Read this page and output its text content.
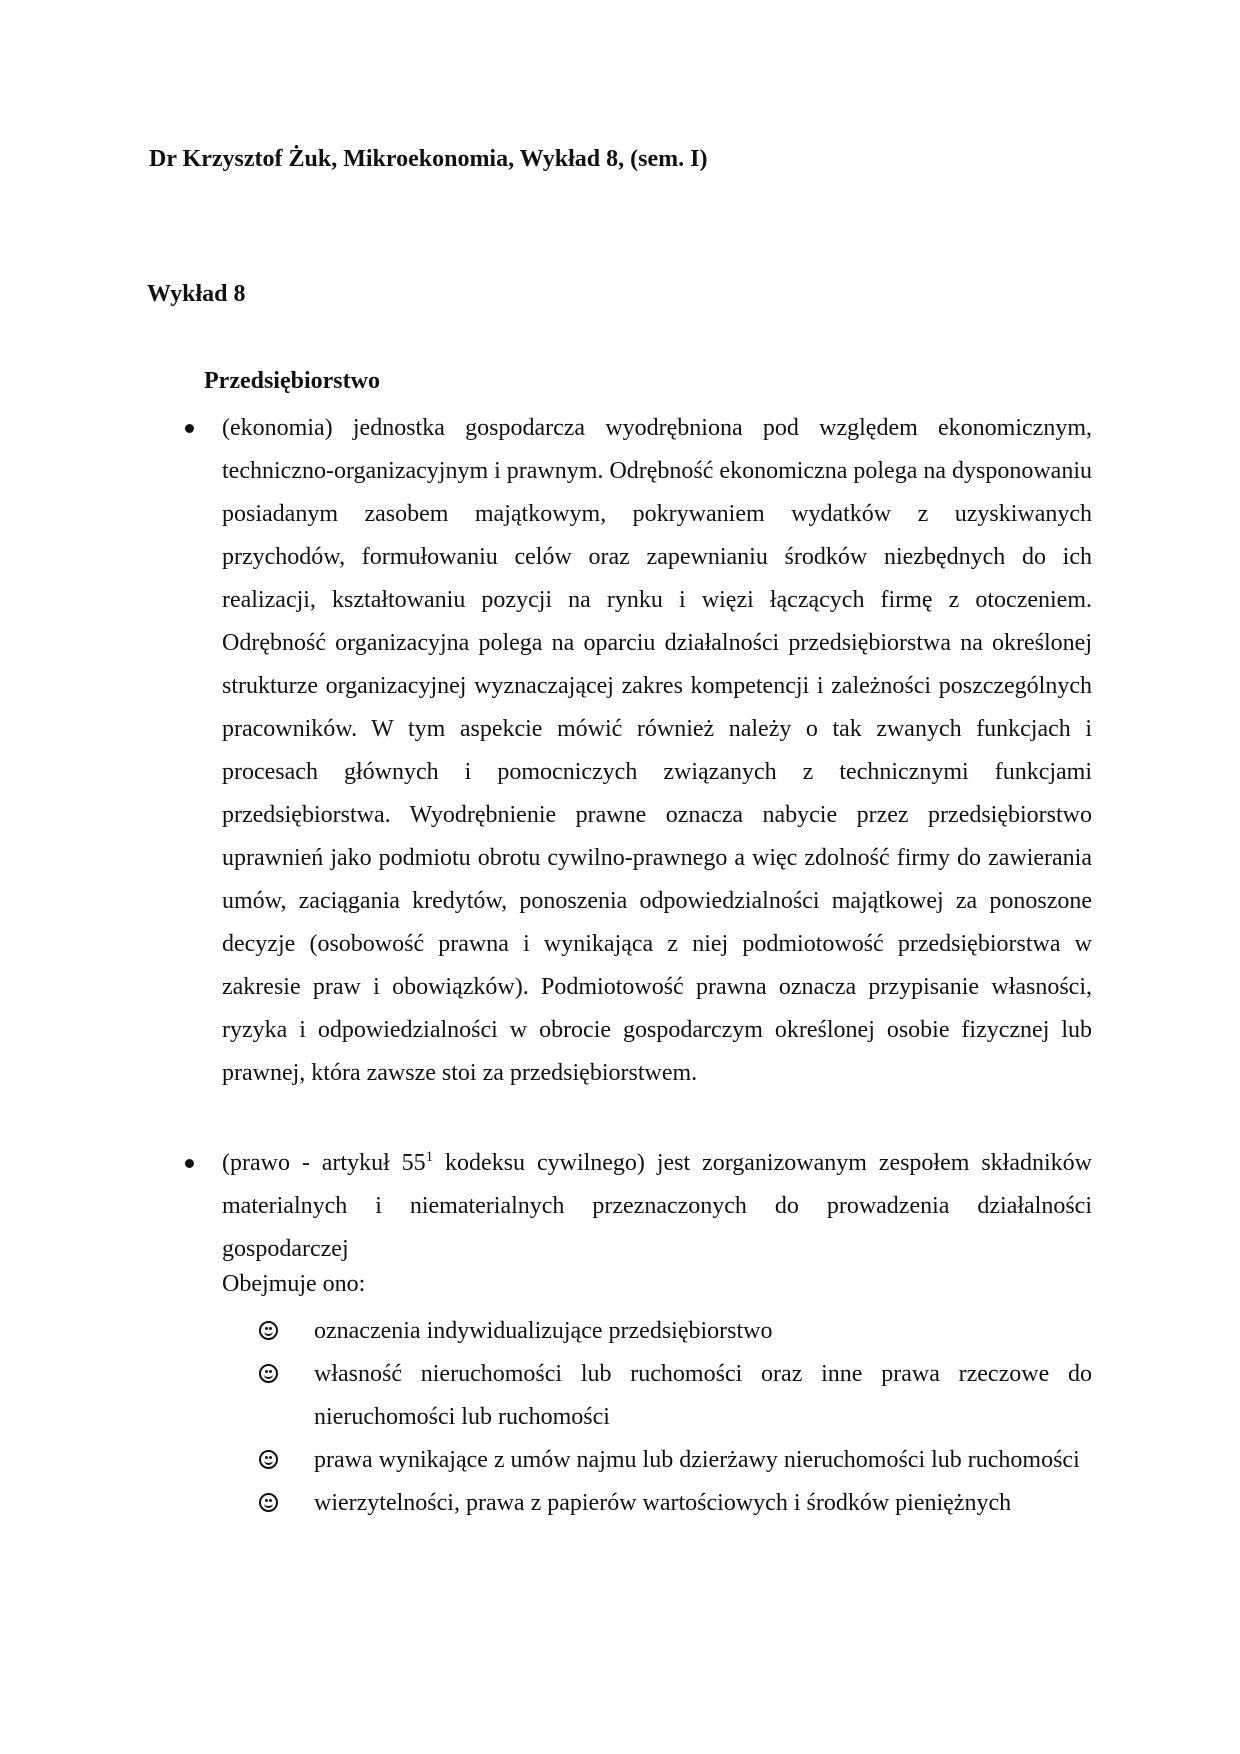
Dr Krzysztof Żuk, Mikroekonomia, Wykład 8, (sem. I)
Wykład 8
Przedsiębiorstwo
(ekonomia) jednostka gospodarcza wyodrębniona pod względem ekonomicznym, techniczno-organizacyjnym i prawnym. Odrębność ekonomiczna polega na dysponowaniu posiadanym zasobem majątkowym, pokrywaniem wydatków z uzyskiwanych przychodów, formułowaniu celów oraz zapewnianiu środków niezbędnych do ich realizacji, kształtowaniu pozycji na rynku i więzi łączących firmę z otoczeniem. Odrębność organizacyjna polega na oparciu działalności przedsiębiorstwa na określonej strukturze organizacyjnej wyznaczającej zakres kompetencji i zależności poszczególnych pracowników. W tym aspekcie mówić również należy o tak zwanych funkcjach i procesach głównych i pomocniczych związanych z technicznymi funkcjami przedsiębiorstwa. Wyodrębnienie prawne oznacza nabycie przez przedsiębiorstwo uprawnień jako podmiotu obrotu cywilno-prawnego a więc zdolność firmy do zawierania umów, zaciągania kredytów, ponoszenia odpowiedzialności majątkowej za ponoszone decyzje (osobowość prawna i wynikająca z niej podmiotowość przedsiębiorstwa w zakresie praw i obowiązków). Podmiotowość prawna oznacza przypisanie własności, ryzyka i odpowiedzialności w obrocie gospodarczym określonej osobie fizycznej lub prawnej, która zawsze stoi za przedsiębiorstwem.
(prawo - artykuł $55^1$ kodeksu cywilnego) jest zorganizowanym zespołem składników materialnych i niematerialnych przeznaczonych do prowadzenia działalności gospodarczej
Obejmuje ono:
oznaczenia indywidualizujące przedsiębiorstwo
własność nieruchomości lub ruchomości oraz inne prawa rzeczowe do nieruchomości lub ruchomości
prawa wynikające z umów najmu lub dzierżawy nieruchomości lub ruchomości
wierzytelności, prawa z papierów wartościowych i środków pieniężnych
